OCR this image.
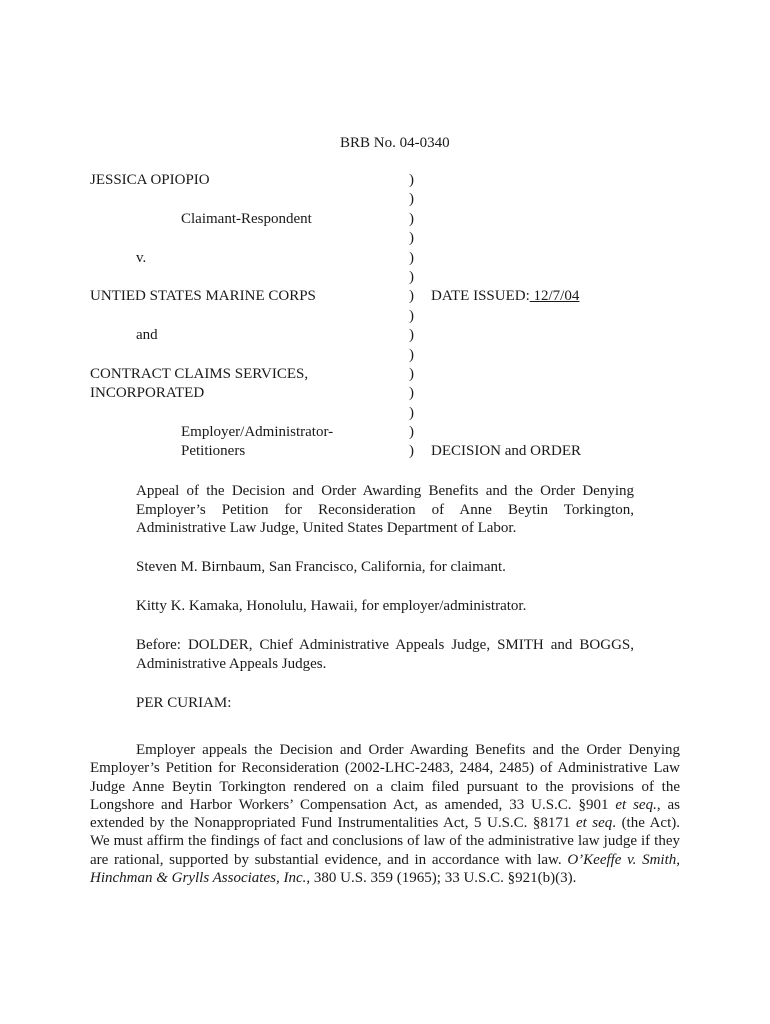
BRB No. 04-0340
JESSICA OPIOPIO
Claimant-Respondent
v.
UNTIED STATES MARINE CORPS
and
CONTRACT CLAIMS SERVICES,
INCORPORATED
Employer/Administrator-
Petitioners
)
)
)
)
)
)
)
)
)
)
)
)
)
)
)
DATE ISSUED: 12/7/04
DECISION and ORDER
Appeal of the Decision and Order Awarding Benefits and the Order Denying Employer’s Petition for Reconsideration of Anne Beytin Torkington, Administrative Law Judge, United States Department of Labor.
Steven M. Birnbaum, San Francisco, California, for claimant.
Kitty K. Kamaka, Honolulu, Hawaii, for employer/administrator.
Before: DOLDER, Chief Administrative Appeals Judge, SMITH and BOGGS, Administrative Appeals Judges.
PER CURIAM:
Employer appeals the Decision and Order Awarding Benefits and the Order Denying Employer’s Petition for Reconsideration (2002-LHC-2483, 2484, 2485) of Administrative Law Judge Anne Beytin Torkington rendered on a claim filed pursuant to the provisions of the Longshore and Harbor Workers’ Compensation Act, as amended, 33 U.S.C. §901 et seq., as extended by the Nonappropriated Fund Instrumentalities Act, 5 U.S.C. §8171 et seq. (the Act). We must affirm the findings of fact and conclusions of law of the administrative law judge if they are rational, supported by substantial evidence, and in accordance with law. O’Keeffe v. Smith, Hinchman & Grylls Associates, Inc., 380 U.S. 359 (1965); 33 U.S.C. §921(b)(3).
